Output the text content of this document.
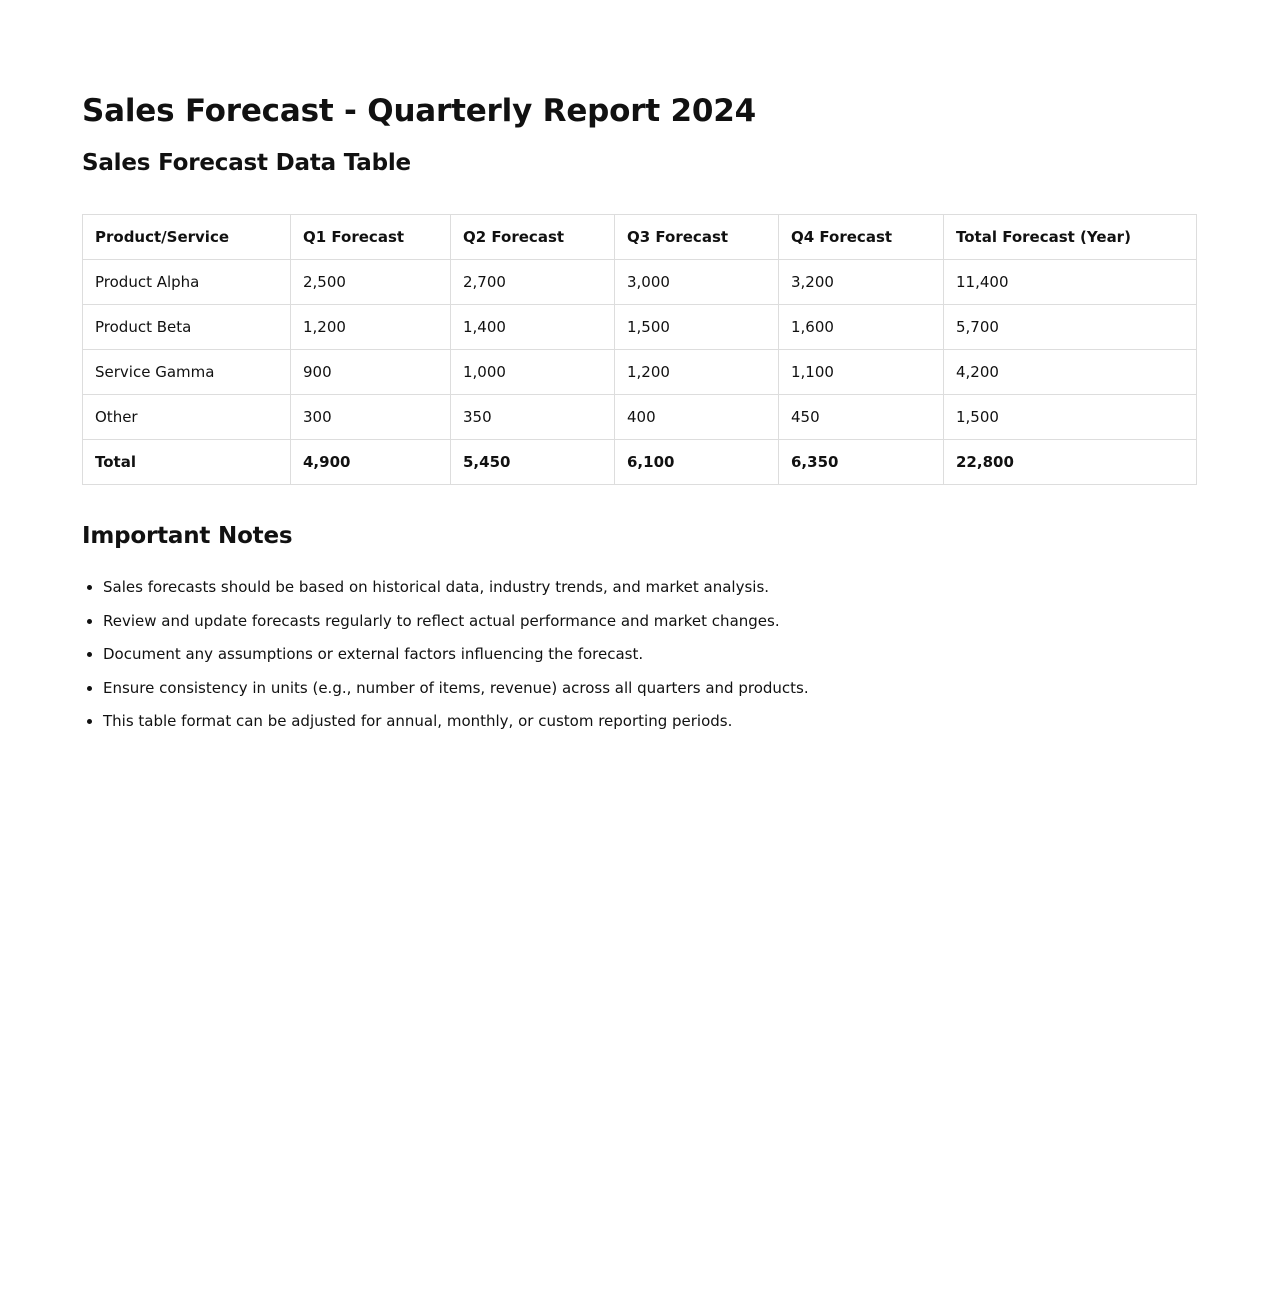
Sales Forecast - Quarterly Report 2024
Sales Forecast Data Table
Product/Service	Q1 Forecast	Q2 Forecast	Q3 Forecast	Q4 Forecast	Total Forecast (Year)
Product Alpha	2,500	2,700	3,000	3,200	11,400
Product Beta	1,200	1,400	1,500	1,600	5,700
Service Gamma	900	1,000	1,200	1,100	4,200
Other	300	350	400	450	1,500
Total	4,900	5,450	6,100	6,350	22,800
Important Notes
• Sales forecasts should be based on historical data, industry trends, and market analysis.
• Review and update forecasts regularly to reflect actual performance and market changes.
• Document any assumptions or external factors influencing the forecast.
• Ensure consistency in units (e.g., number of items, revenue) across all quarters and products.
• This table format can be adjusted for annual, monthly, or custom reporting periods.
